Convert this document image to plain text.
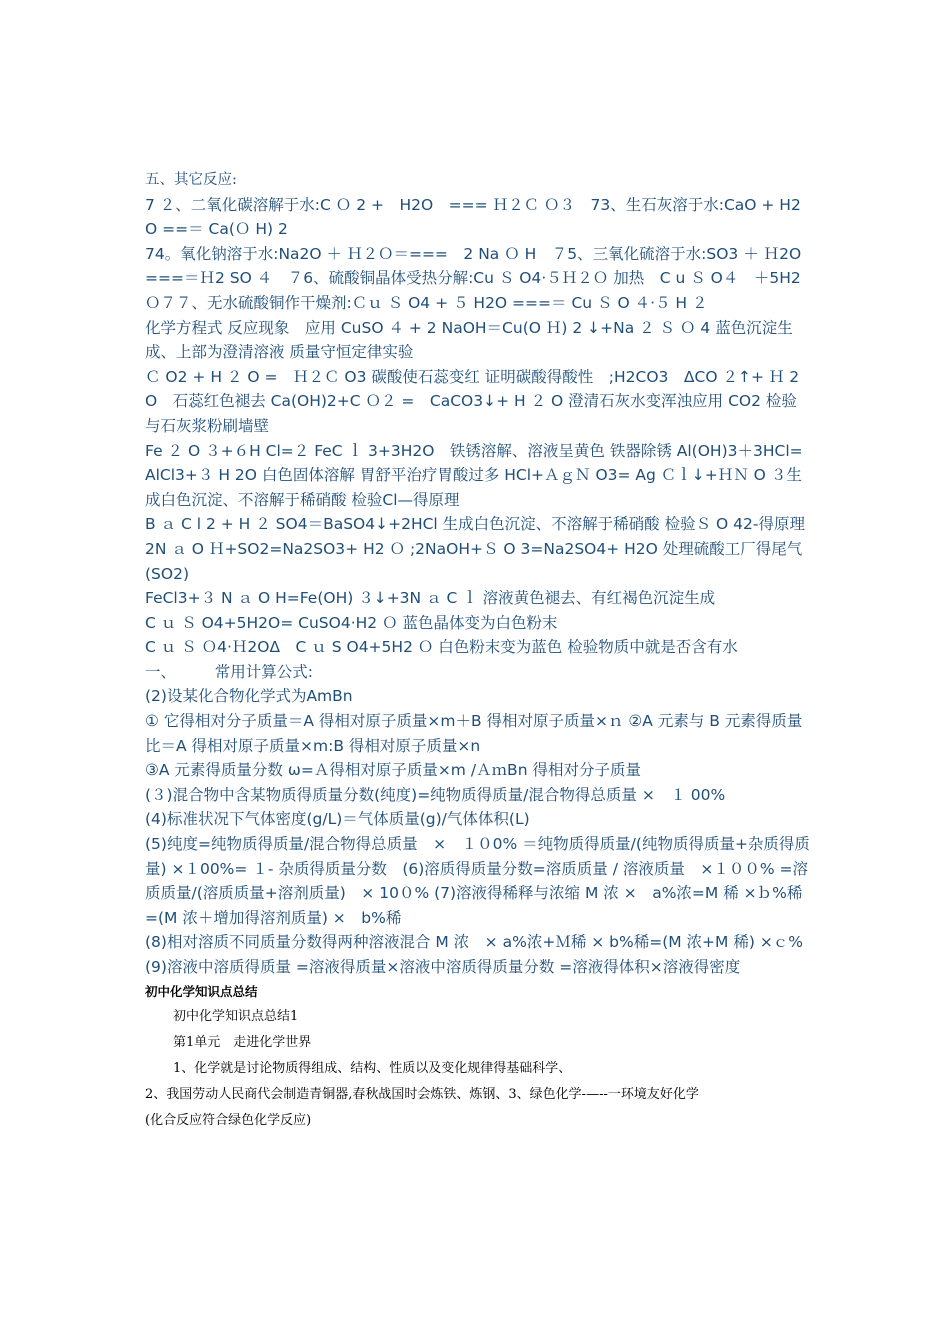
五、其它反应:

7 ２、二氧化碳溶解于水:C Ｏ 2 +　H2O　=== Ｈ２Ｃ Ｏ３　73﻿、生石灰溶于水:CaO + H2O ==＝ Ca(Ｏ H) 2

74。氧化钠溶于水:Na2O ＋ Ｈ２Ｏ＝===　2 Na Ｏ H　７5﻿、三氧化硫溶于水:SO3 ＋ Ｈ2O　===＝Ｈ2 SO ４　７6﻿、硫酸铜晶体受热分解:Cu Ｓ O4·５Ｈ２Ｏ 加热　C u Ｓ O４　＋5H2 Ｏ７７﻿、无水硫酸铜作干燥剂:Ｃｕ Ｓ O4 + ５ H2O ===＝ Cu Ｓ O ４·５ H ２

化学方程式 反应现象　应用 ﻿CuSO ４ + 2 NaOH＝Cu(O Ｈ) 2 ↓+Na ２ Ｓ Ｏ 4 蓝色沉淀生成、上部为澄清溶液 质量守恒定律实验

Ｃ O2 + H ２ O =　Ｈ２Ｃ O3 碳酸使石蕊变红 证明碳酸得酸性　;H2CO3　ΔCO ２↑+ Ｈ 2O　石蕊红色褪去 ﻿Ca(OH)2+C Ｏ２ =　CaCO3↓+ H ２ O 澄清石灰水变浑浊应用 CO2 检验与石灰浆粉刷墙壁

Fe ２ O ３+６H Cl=２ FeC ｌ 3+3H2O　铁锈溶解、溶液呈黄色 铁器除锈 ﻿Al(OH)3＋3HCl=AlCl3+３ H 2O 白色固体溶解 胃舒平治疗胃酸过多 ﻿HCl+ＡｇＮ O3= Ag Ｃｌ↓+ＨＮ O ３生成白色沉淀、不溶解于稀硝酸 检验Cl—得原理

B ａ C l 2 + H ２ SO4＝BaSO4↓+2HCl 生成白色沉淀、不溶解于稀硝酸 检验Ｓ O 42-得原理

2N ａ O Ｈ+SO2=Na2SO3+ H2 Ｏ ;2NaOH+Ｓ O 3=Na2SO4+ H2O 处理硫酸工厂得尾气(SO2)

FeCl3+３ N ａ O H=Fe(OH) ３↓+3N ａ C ｌ 溶液黄色褪去、有红褐色沉淀生成

C ｕ Ｓ O4+5H2O= CuSO4·H2 Ｏ 蓝色晶体变为白色粉末

C ｕ Ｓ Ｏ4·Ｈ2OΔ　C ｕ S O4+5H2 Ｏ 白色粉末变为蓝色 检验物质中就是否含有水

一、　　　常用计算公式:

(2)设某化合物化学式为AmBn

① 它得相对分子质量＝A 得相对原子质量×m＋B 得相对原子质量×ｎ ﻿②A 元素与 B 元素得质量比＝A 得相对原子质量×m:B 得相对原子质量×n

③A 元素得质量分数 ω=Ａ得相对原子质量×m /ＡｍBn 得相对分子质量

(３)混合物中含某物质得质量分数(纯度)=纯物质得质量/混合物得总质量 ×　１ 00%

(4)标准状况下气体密度(g/L)＝气体质量(g)/气体体积(L)

(5)纯度=纯物质得质量/混合物得总质量　×　１０0% ＝纯物质得质量/(纯物质得质量+杂质得质量) ×１00%= １﻿- 杂质得质量分数　(6)﻿溶质得质量分数=溶质质量 / 溶液质量　×１００% =溶质质量/(溶质质量+溶剂质量)　× 10０% (7)﻿溶液得稀释与浓缩 ﻿M 浓 ×　a%浓=M 稀 ×ｂ%稀=(M 浓＋增加得溶剂质量) ×　b%稀

(8)相对溶质不同质量分数得两种溶液混合 ﻿M 浓　× a%浓+Ｍ稀 × b%稀=(M 浓+M 稀) ×ｃ%

(9)溶液中溶质得质量 =溶液得质量×溶液中溶质得质量分数 =溶液得体积×溶液得密度

初中化学知识点总结

初中化学知识点总结1

第1单元　走进化学世界

1、化学就是讨论物质得组成、结构、性质以及变化规律得基础科学、

2、我国劳动人民商代会制造青铜器,春秋战国时会炼铁、炼钢、3﻿、绿色化学-—--一环境友好化学

(化合反应符合绿色化学反应)
